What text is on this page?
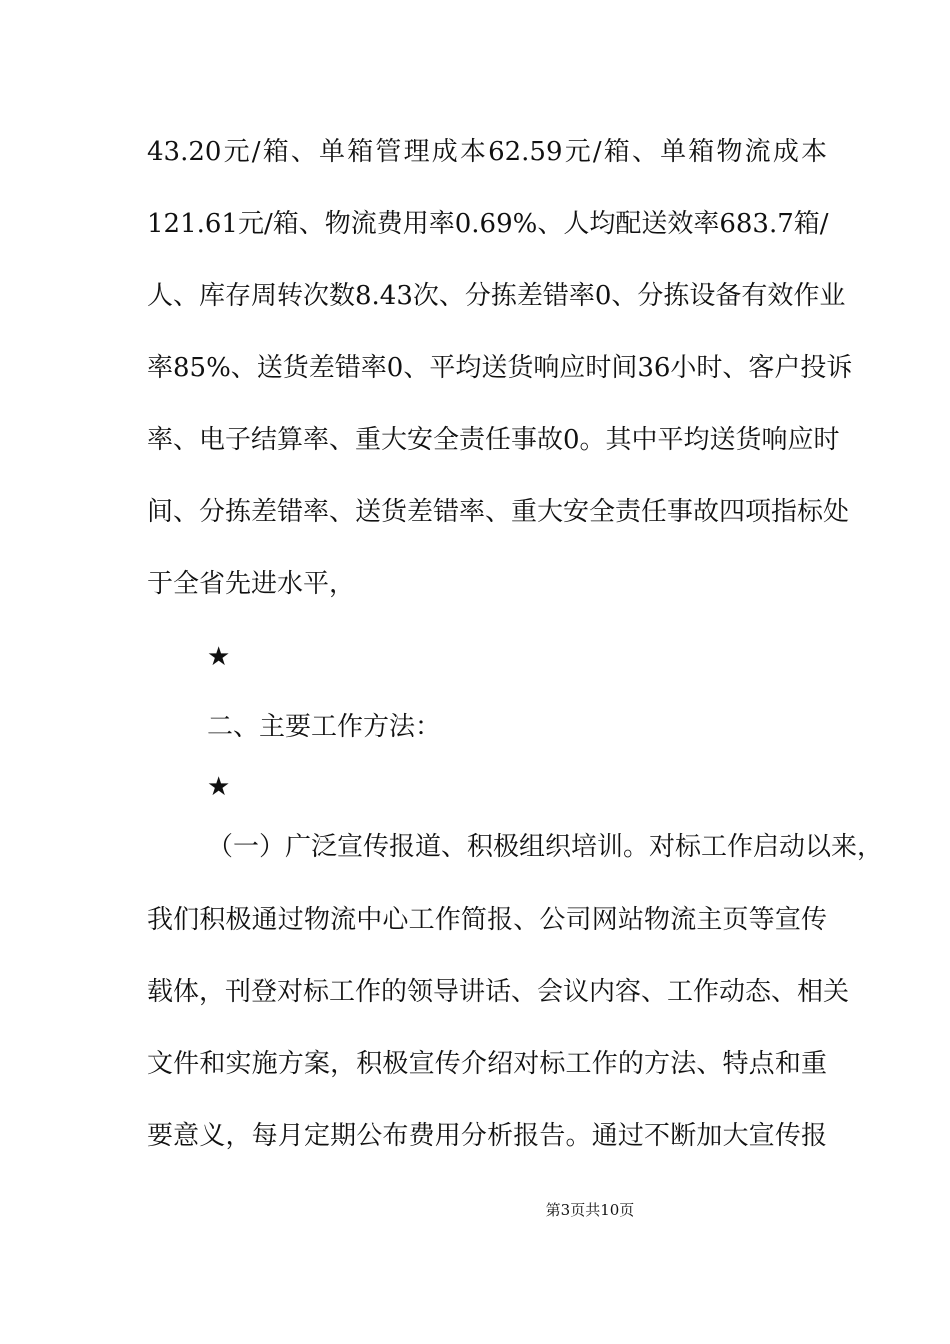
43.20元/箱、单箱管理成本62.59元/箱、单箱物流成本
121.61元/箱、物流费用率0.69%、人均配送效率683.7箱/
人、库存周转次数8.43次、分拣差错率0、分拣设备有效作业
率85%、送货差错率0、平均送货响应时间36小时、客户投诉
率、电子结算率、重大安全责任事故0。其中平均送货响应时
间、分拣差错率、送货差错率、重大安全责任事故四项指标处
于全省先进水平，
★
二、主要工作方法：
★
（一）广泛宣传报道、积极组织培训。对标工作启动以来，
我们积极通过物流中心工作简报、公司网站物流主页等宣传
载体，刊登对标工作的领导讲话、会议内容、工作动态、相关
文件和实施方案，积极宣传介绍对标工作的方法、特点和重
要意义，每月定期公布费用分析报告。通过不断加大宣传报
第3页共10页
